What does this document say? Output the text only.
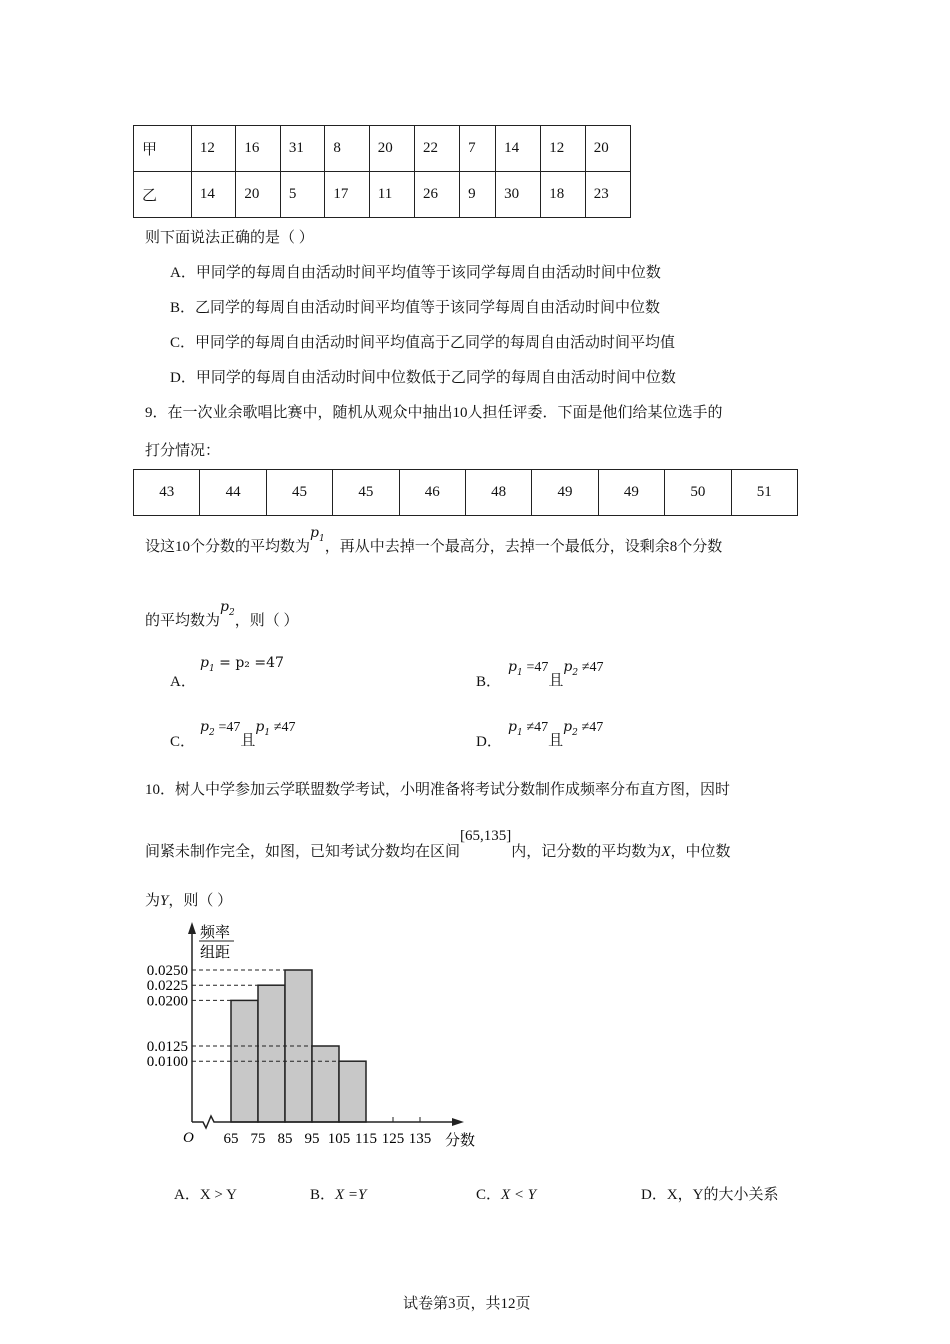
甲	12	16	31	8	20	22	7	14	12	20
乙	14	20	5	17	11	26	9	30	18	23
则下面说法正确的是（ ）
A．甲同学的每周自由活动时间平均值等于该同学每周自由活动时间中位数
B．乙同学的每周自由活动时间平均值等于该同学每周自由活动时间中位数
C．甲同学的每周自由活动时间平均值高于乙同学的每周自由活动时间平均值
D．甲同学的每周自由活动时间中位数低于乙同学的每周自由活动时间中位数
9．在一次业余歌唱比赛中，随机从观众中抽出10人担任评委．下面是他们给某位选手的
打分情况：
43	44	45	45	46	48	49	49	50	51
设这10个分数的平均数为$p_1$，再从中去掉一个最高分，去掉一个最低分，设剩余8个分数
的平均数为$p_2$，则（ ）
A．
$p_1 = p_2 =47$
B．
$p_1 =47$且$p_2 \ne 47$
C．
$p_2 =47$且$p_1 \ne 47$
D．
$p_1 \ne 47$且$p_2 \ne 47$
10．树人中学参加云学联盟数学考试，小明准备将考试分数制作成频率分布直方图，因时
间紧未制作完全，如图，已知考试分数均在区间[65,135]内，记分数的平均数为X，中位数
为Y，则（ ）
0.0250
0.0225
0.0200
0.0125
0.0100
65 75 85 95 105 115 125 135
O	分数
频率
组距
A．X > Y	B．X =Y	C．X < Y	D．X，Y的大小关系
试卷第3页，共12页
